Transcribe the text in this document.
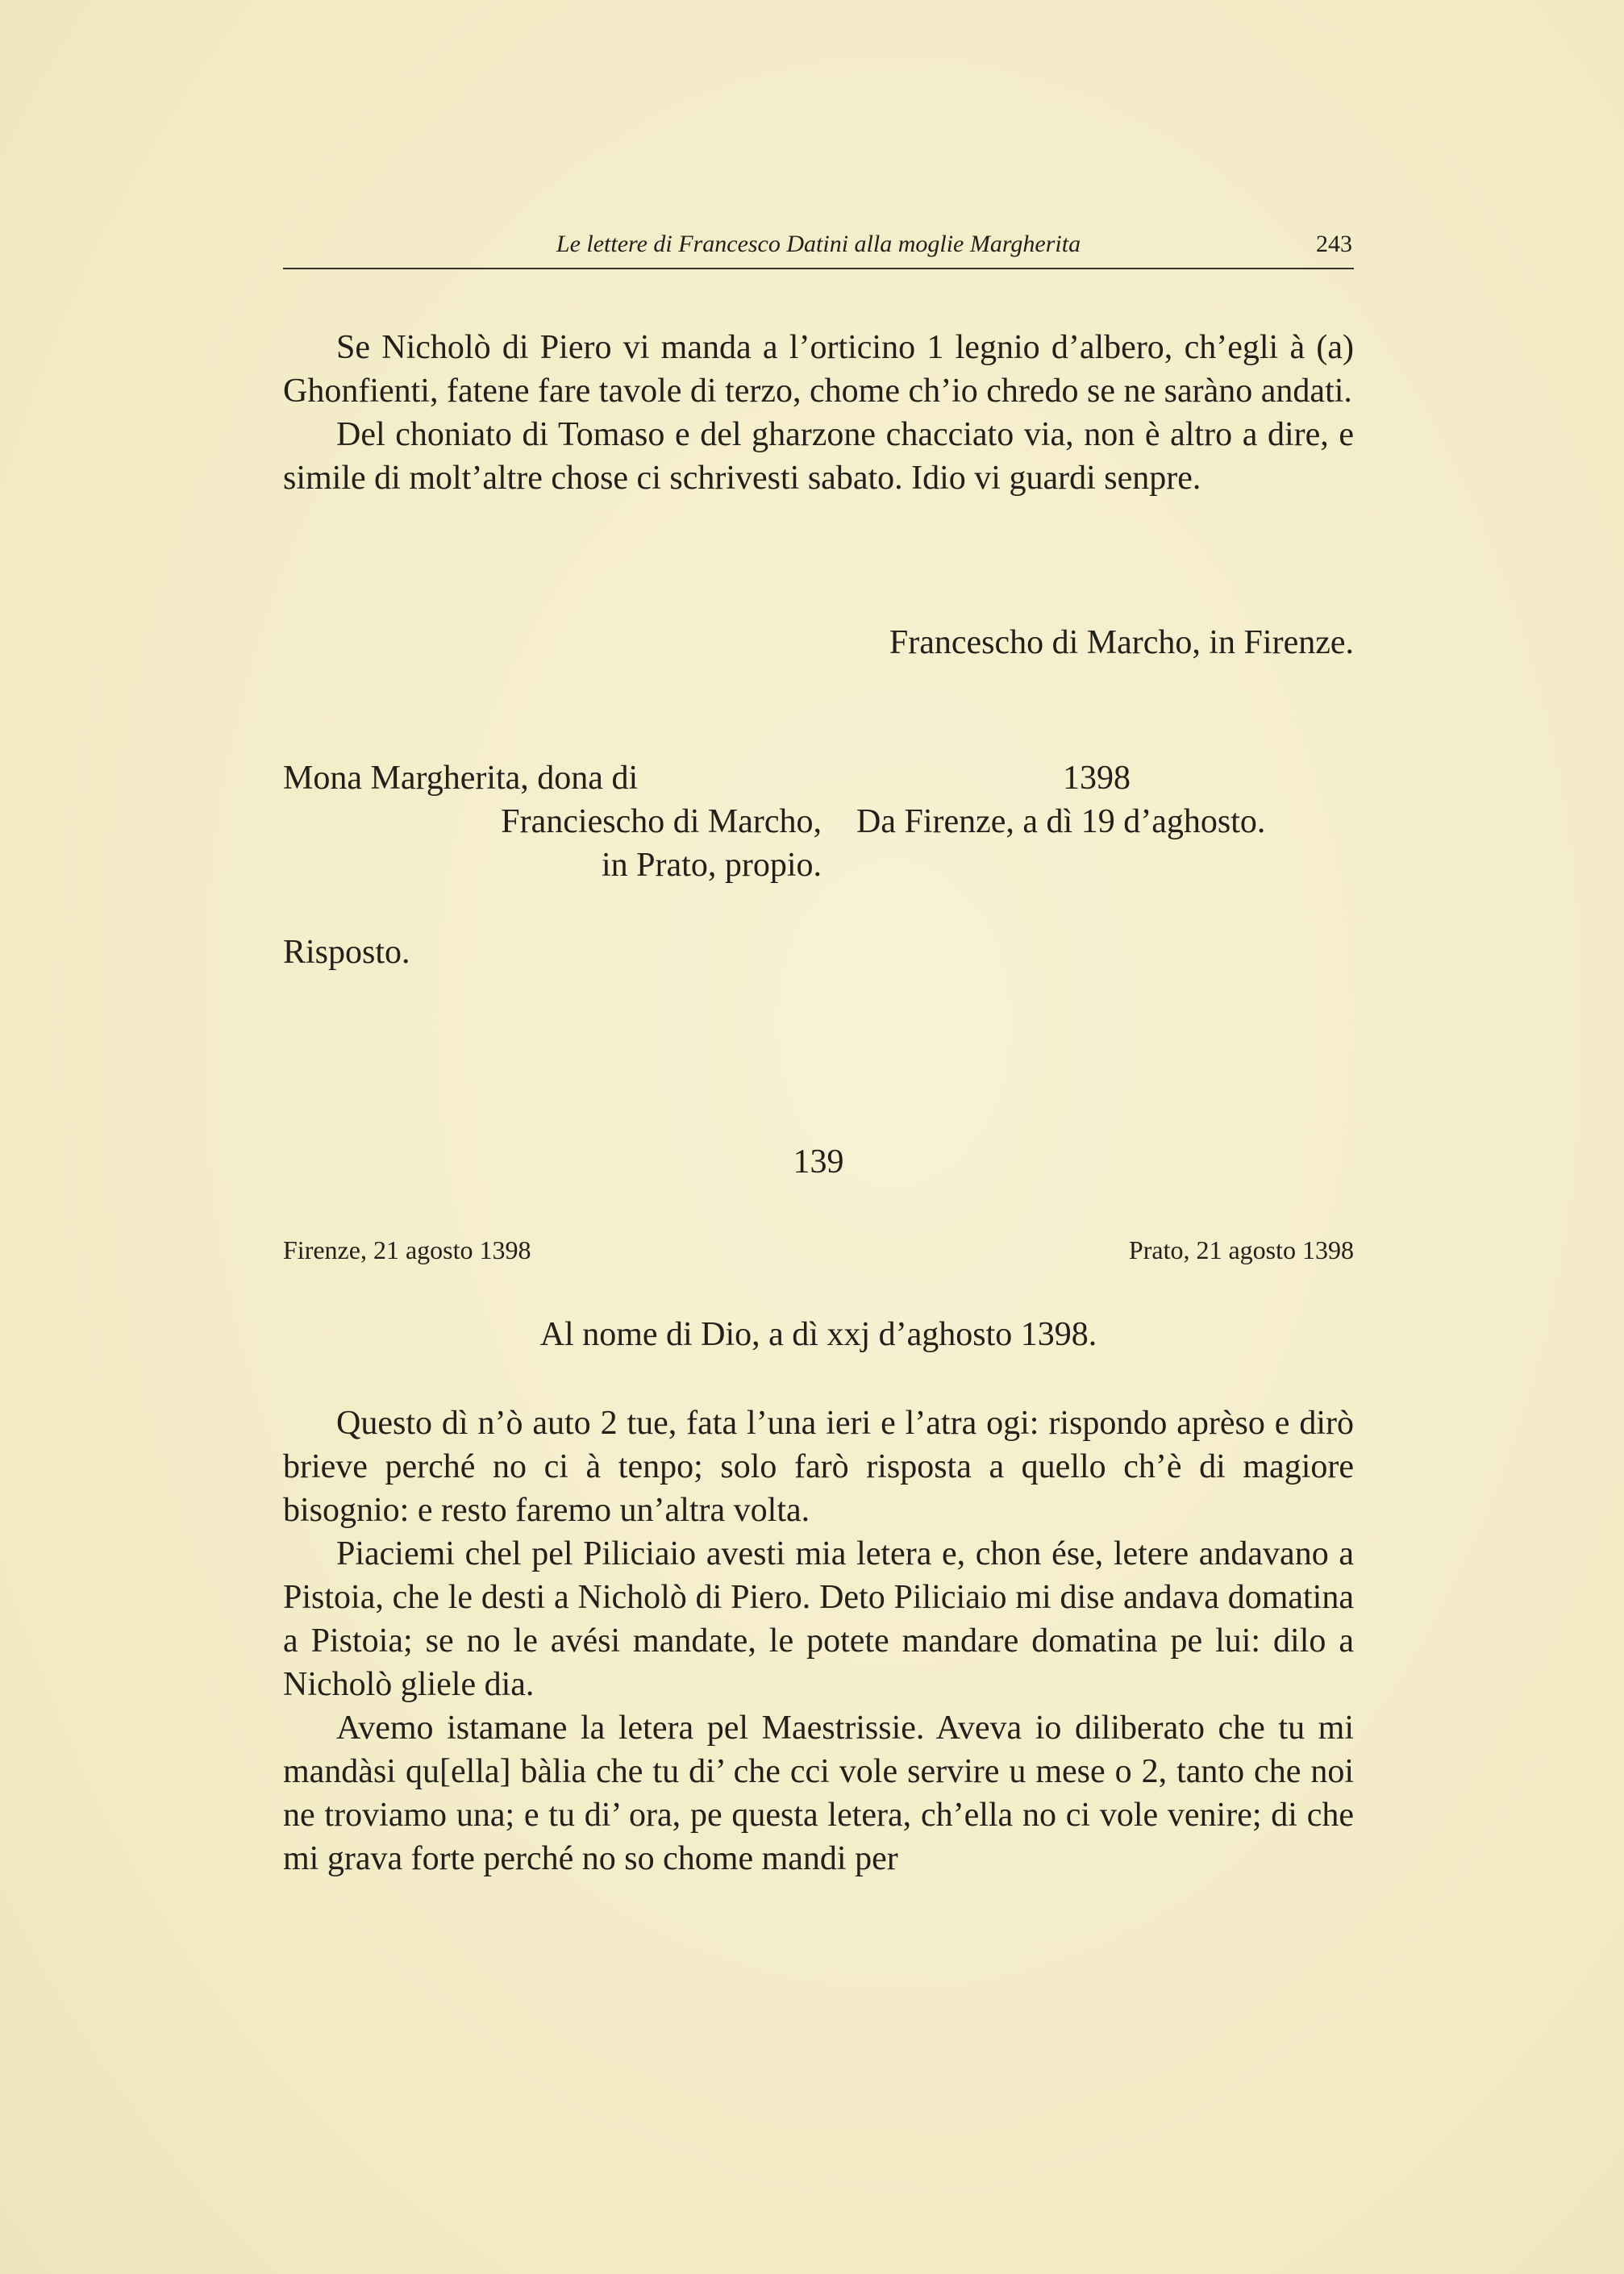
Le lettere di Francesco Datini alla moglie Margherita	243

Se Nicholò di Piero vi manda a l’orticino 1 legnio d’albero, ch’egli à (a) Ghonfienti, fatene fare tavole di terzo, chome ch’io chredo se ne saràno andati.

Del choniato di Tomaso e del gharzone chacciato via, non è altro a dire, e simile di molt’altre chose ci schrivesti sabato. Idio vi guardi senpre.

Francescho di Marcho, in Firenze.
Mona Margherita, dona di
Franciescho di Marcho,
in Prato, propio.
1398
Da Firenze, a dì 19 d’aghosto.
Risposto.
139
Firenze, 21 agosto 1398	Prato, 21 agosto 1398
Al nome di Dio, a dì xxj d’aghosto 1398.

Questo dì n’ò auto 2 tue, fata l’una ieri e l’atra ogi: rispondo aprèso e dirò brieve perché no ci à tenpo; solo farò risposta a quello ch’è di magiore bisognio: e resto faremo un’altra volta.

Piaciemi chel pel Piliciaio avesti mia letera e, chon ése, letere andavano a Pistoia, che le desti a Nicholò di Piero. Deto Piliciaio mi dise andava domatina a Pistoia; se no le avési mandate, le potete mandare domatina pe lui: dilo a Nicholò gliele dia.

Avemo istamane la letera pel Maestrissie. Aveva io diliberato che tu mi mandàsi qu[ella] bàlia che tu di’ che cci vole servire u mese o 2, tanto che noi ne troviamo una; e tu di’ ora, pe questa letera, ch’ella no ci vole venire; di che mi grava forte perché no so chome mandi per
